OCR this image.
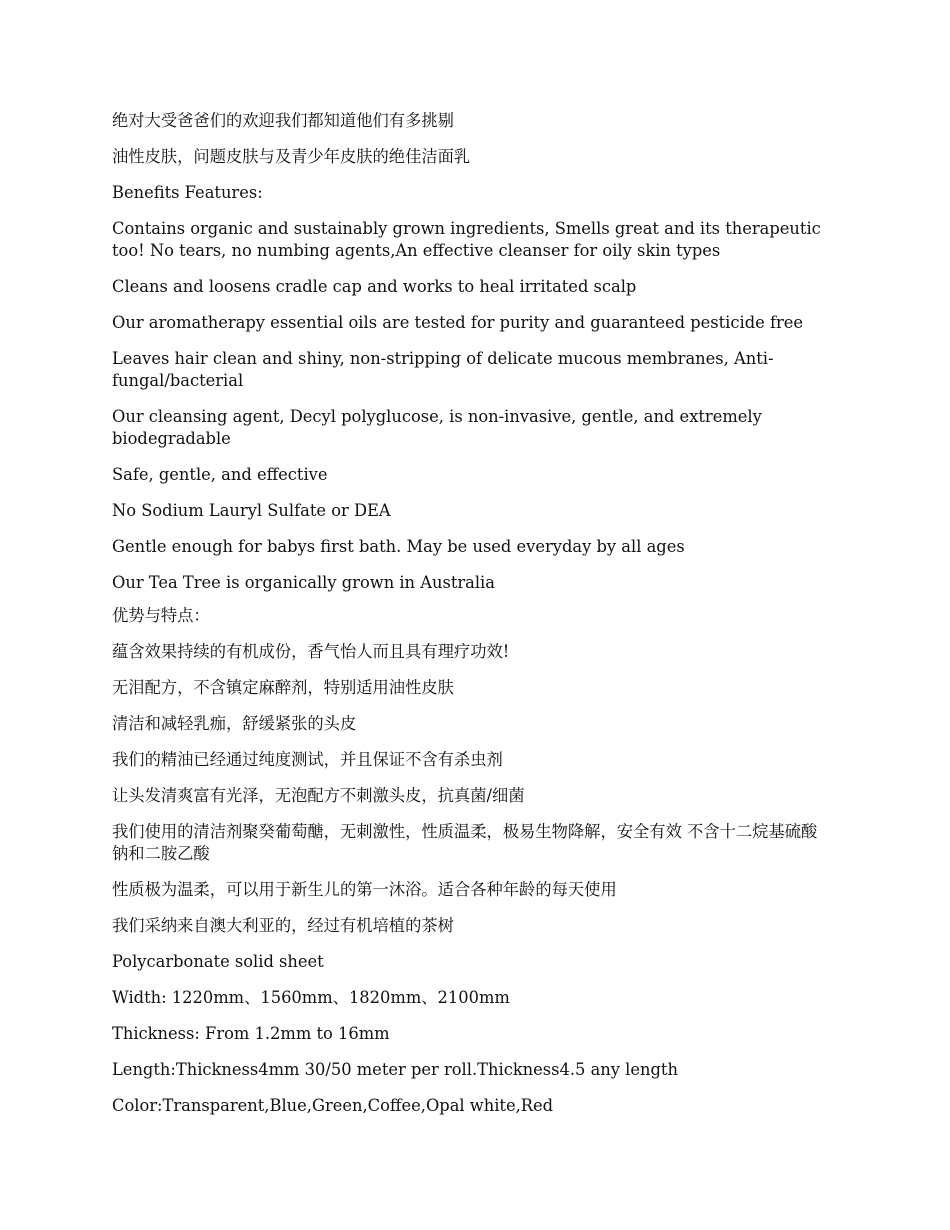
绝对大受爸爸们的欢迎我们都知道他们有多挑剔

油性皮肤，问题皮肤与及青少年皮肤的绝佳洁面乳

Benefits Features:

Contains organic and sustainably grown ingredients, Smells great and its therapeutic too! No tears, no numbing agents,An effective cleanser for oily skin types

Cleans and loosens cradle cap and works to heal irritated scalp

Our aromatherapy essential oils are tested for purity and guaranteed pesticide free

Leaves hair clean and shiny, non-stripping of delicate mucous membranes, Anti-fungal/bacterial

Our cleansing agent, Decyl polyglucose, is non-invasive, gentle, and extremely biodegradable

Safe, gentle, and effective

No Sodium Lauryl Sulfate or DEA

Gentle enough for babys first bath. May be used everyday by all ages

Our Tea Tree is organically grown in Australia

优势与特点：

蕴含效果持续的有机成份，香气怡人而且具有理疗功效!

无泪配方，不含镇定麻醉剂，特别适用油性皮肤

清洁和减轻乳痂，舒缓紧张的头皮

我们的精油已经通过纯度测试，并且保证不含有杀虫剂

让头发清爽富有光泽，无泡配方不刺激头皮，抗真菌/细菌

我们使用的清洁剂聚癸葡萄醣，无刺激性，性质温柔，极易生物降解，安全有效 不含十二烷基硫酸钠和二胺乙酸

性质极为温柔，可以用于新生儿的第一沐浴。适合各种年龄的每天使用

我们采纳来自澳大利亚的，经过有机培植的茶树

Polycarbonate solid sheet

Width: 1220mm、1560mm、1820mm、2100mm

Thickness: From 1.2mm to 16mm

Length:Thickness4mm 30/50 meter per roll.Thickness4.5 any length

Color:Transparent,Blue,Green,Coffee,Opal white,Red
